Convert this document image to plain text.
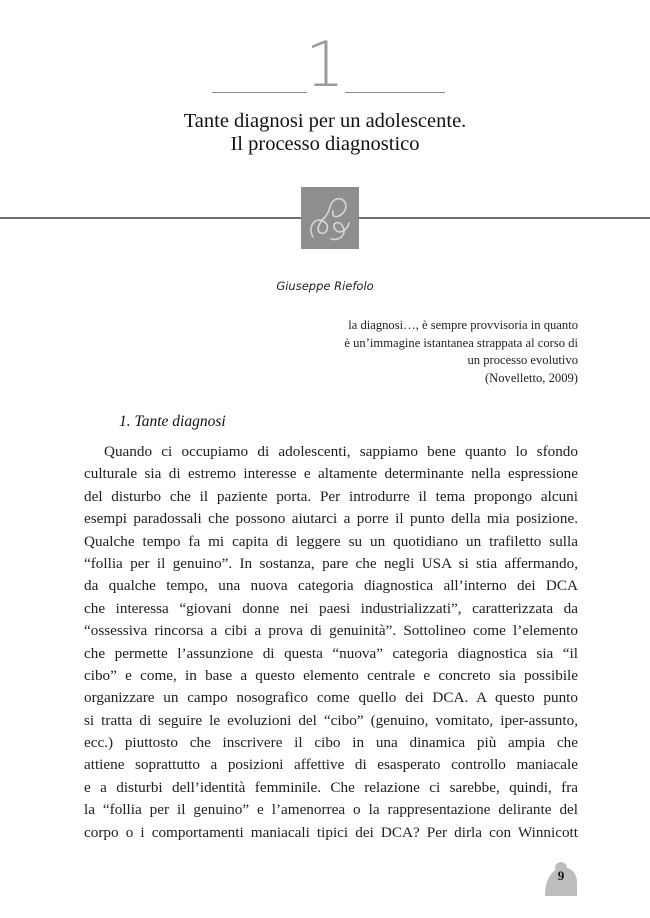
1
Tante diagnosi per un adolescente.
Il processo diagnostico
Giuseppe Riefolo
la diagnosi…, è sempre provvisoria in quanto
è un’immagine istantanea strappata al corso di
un processo evolutivo
(Novelletto, 2009)
1. Tante diagnosi
Quando ci occupiamo di adolescenti, sappiamo bene quanto lo sfondo
culturale sia di estremo interesse e altamente determinante nella espressione
del disturbo che il paziente porta. Per introdurre il tema propongo alcuni
esempi paradossali che possono aiutarci a porre il punto della mia posizione.
Qualche tempo fa mi capita di leggere su un quotidiano un trafiletto sulla
“follia per il genuino”. In sostanza, pare che negli USA si stia affermando,
da qualche tempo, una nuova categoria diagnostica all’interno dei DCA
che interessa “giovani donne nei paesi industrializzati”, caratterizzata da
“ossessiva rincorsa a cibi a prova di genuinità”. Sottolineo come l’elemento
che permette l’assunzione di questa “nuova” categoria diagnostica sia “il
cibo” e come, in base a questo elemento centrale e concreto sia possibile
organizzare un campo nosografico come quello dei DCA. A questo punto
si tratta di seguire le evoluzioni del “cibo” (genuino, vomitato, iper-assunto,
ecc.) piuttosto che inscrivere il cibo in una dinamica più ampia che
attiene soprattutto a posizioni affettive di esasperato controllo maniacale
e a disturbi dell’identità femminile. Che relazione ci sarebbe, quindi, fra
la “follia per il genuino” e l’amenorrea o la rappresentazione delirante del
corpo o i comportamenti maniacali tipici dei DCA? Per dirla con Winnicott
9
